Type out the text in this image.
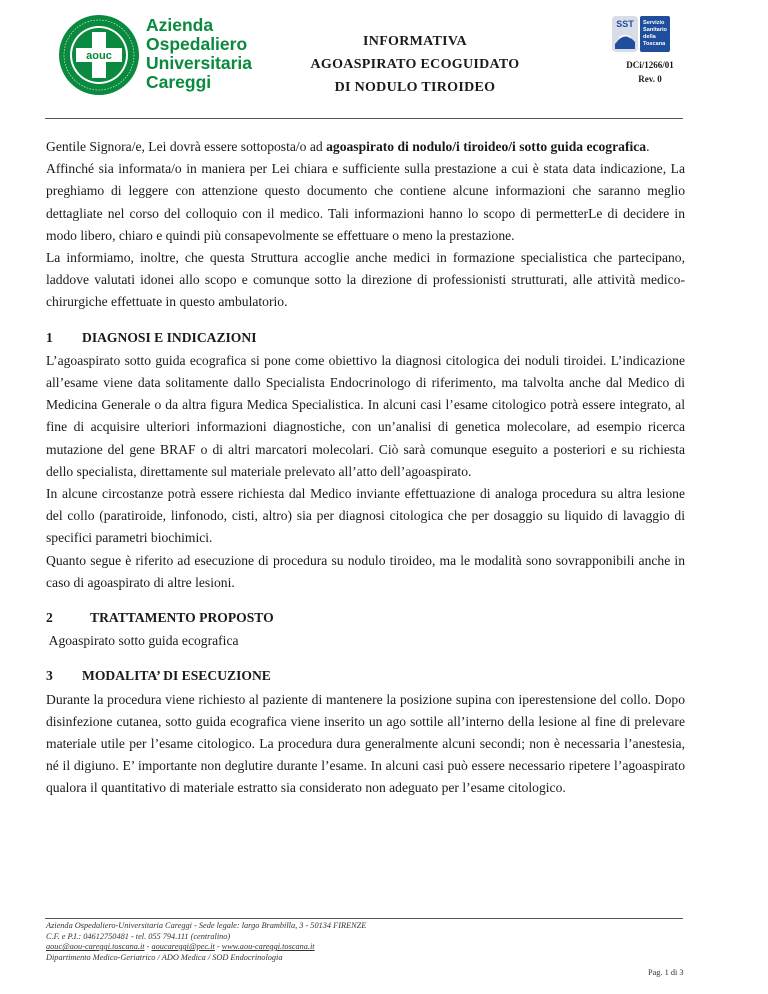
aouc
Azienda
Ospedaliero
Universitaria
Careggi
INFORMATIVA
AGOASPIRATO ECOGUIDATO
DI NODULO TIROIDEO
SST Servizio
Sanitario
della
Toscana
DCi/1266/01
Rev. 0

Gentile Signora/e, Lei dovrà essere sottoposta/o ad agoaspirato di nodulo/i tiroideo/i sotto guida ecografica.

Affinché sia informata/o in maniera per Lei chiara e sufficiente sulla prestazione a cui è stata data indicazione, La preghiamo di leggere con attenzione questo documento che contiene alcune informazioni che saranno meglio dettagliate nel corso del colloquio con il medico. Tali informazioni hanno lo scopo di permetterLe di decidere in modo libero, chiaro e quindi più consapevolmente se effettuare o meno la prestazione.

La informiamo, inoltre, che questa Struttura accoglie anche medici in formazione specialistica che partecipano, laddove valutati idonei allo scopo e comunque sotto la direzione di professionisti strutturati, alle attività medico-chirurgiche effettuate in questo ambulatorio.

1	DIAGNOSI E INDICAZIONI

L’agoaspirato sotto guida ecografica si pone come obiettivo la diagnosi citologica dei noduli tiroidei. L’indicazione all’esame viene data solitamente dallo Specialista Endocrinologo di riferimento, ma talvolta anche dal Medico di Medicina Generale o da altra figura Medica Specialistica. In alcuni casi l’esame citologico potrà essere integrato, al fine di acquisire ulteriori informazioni diagnostiche, con un’analisi di genetica molecolare, ad esempio ricerca mutazione del gene BRAF o di altri marcatori molecolari. Ciò sarà comunque eseguito a posteriori e su richiesta dello specialista, direttamente sul materiale prelevato all’atto dell’agoaspirato.

In alcune circostanze potrà essere richiesta dal Medico inviante effettuazione di analoga procedura su altra lesione del collo (paratiroide, linfonodo, cisti, altro) sia per diagnosi citologica che per dosaggio su liquido di lavaggio di specifici parametri biochimici.

Quanto segue è riferito ad esecuzione di procedura su nodulo tiroideo, ma le modalità sono sovrapponibili anche in caso di agoaspirato di altre lesioni.

2	TRATTAMENTO PROPOSTO

Agoaspirato sotto guida ecografica

3	MODALITA’ DI ESECUZIONE

Durante la procedura viene richiesto al paziente di mantenere la posizione supina con iperestensione del collo. Dopo disinfezione cutanea, sotto guida ecografica viene inserito un ago sottile all’interno della lesione al fine di prelevare materiale utile per l’esame citologico. La procedura dura generalmente alcuni secondi; non è necessaria l’anestesia, né il digiuno. E’ importante non deglutire durante l’esame. In alcuni casi può essere necessario ripetere l’agoaspirato qualora il quantitativo di materiale estratto sia considerato non adeguato per l’esame citologico.

Azienda Ospedaliero-Universitaria Careggi - Sede legale: largo Brambilla, 3 - 50134 FIRENZE
C.F. e P.I.: 04612750481 - tel. 055 794.111 (centralino)
aouc@aou-careggi.toscana.it - aoucareggi@pec.it - www.aou-careggi.toscana.it
Dipartimento Medico-Geriatrico / ADO Medica / SOD Endocrinologia
Pag. 1 di 3
